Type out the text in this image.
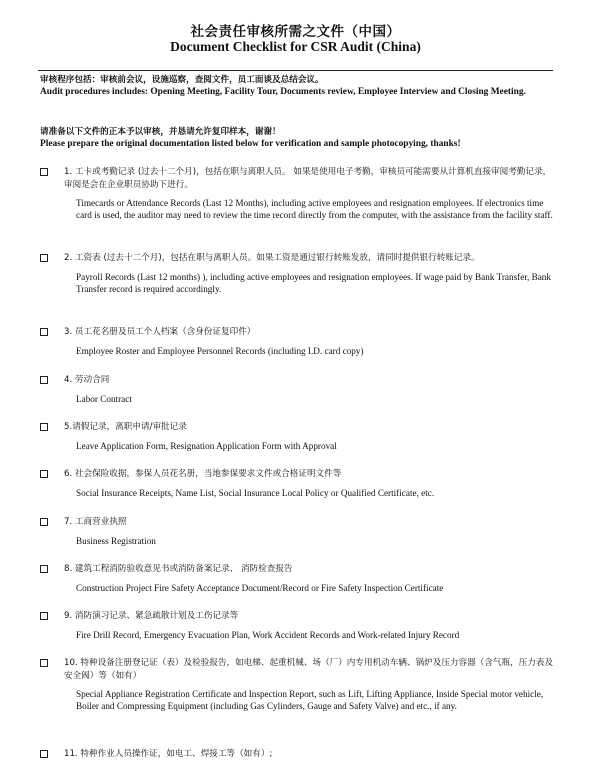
社会责任审核所需之文件（中国）
Document Checklist for CSR Audit (China)
审核程序包括：审核前会议，设施巡察，查阅文件，员工面谈及总结会议。
Audit procedures includes: Opening Meeting, Facility Tour, Documents review, Employee Interview and Closing Meeting.
请准备以下文件的正本予以审核，并恳请允许复印样本，谢谢！
Please prepare the original documentation listed below for verification and sample photocopying, thanks!
1. 工卡或考勤记录 (过去十二个月)，包括在职与离职人员。 如果是使用电子考勤，审核员可能需要从计算机直接审阅考勤记录，审阅是会在企业职员协助下进行。
Timecards or Attendance Records (Last 12 Months), including active employees and resignation employees. If electronics time card is used, the auditor may need to review the time record directly from the computer, with the assistance from the facility staff.
2. 工资表 (过去十二个月)，包括在职与离职人员。如果工资是通过银行转账发放，请同时提供银行转账记录。
Payroll Records (Last 12 months) ), including active employees and resignation employees. If wage paid by Bank Transfer, Bank Transfer record is required accordingly.
3. 员工花名册及员工个人档案（含身份证复印件）
Employee Roster and Employee Personnel Records (including I.D. card copy)
4. 劳动合同
Labor Contract
5.请假记录，离职申请/审批记录
Leave Application Form, Resignation Application Form with Approval
6. 社会保险收据，参保人员花名册，当地参保要求文件或合格证明文件等
Social Insurance Receipts, Name List, Social Insurance Local Policy or Qualified Certificate, etc.
7. 工商营业执照
Business Registration
8. 建筑工程消防验收意见书或消防备案记录、 消防检查报告
Construction Project Fire Safety Acceptance Document/Record or Fire Safety Inspection Certificate
9. 消防演习记录、紧急疏散计划及工伤记录等
Fire Drill Record, Emergency Evacuation Plan, Work Accident Records and Work-related Injury Record
10. 特种设备注册登记证（表）及检验报告，如电梯、起重机械、场（厂）内专用机动车辆、锅炉及压力容器（含气瓶，压力表及安全阀）等（如有）
Special Appliance Registration Certificate and Inspection Report, such as Lift, Lifting Appliance, Inside Special motor vehicle, Boiler and Compressing Equipment (including Gas Cylinders, Gauge and Safety Valve) and etc., if any.
11. 特种作业人员操作证，如电工、焊接工等（如有）;
